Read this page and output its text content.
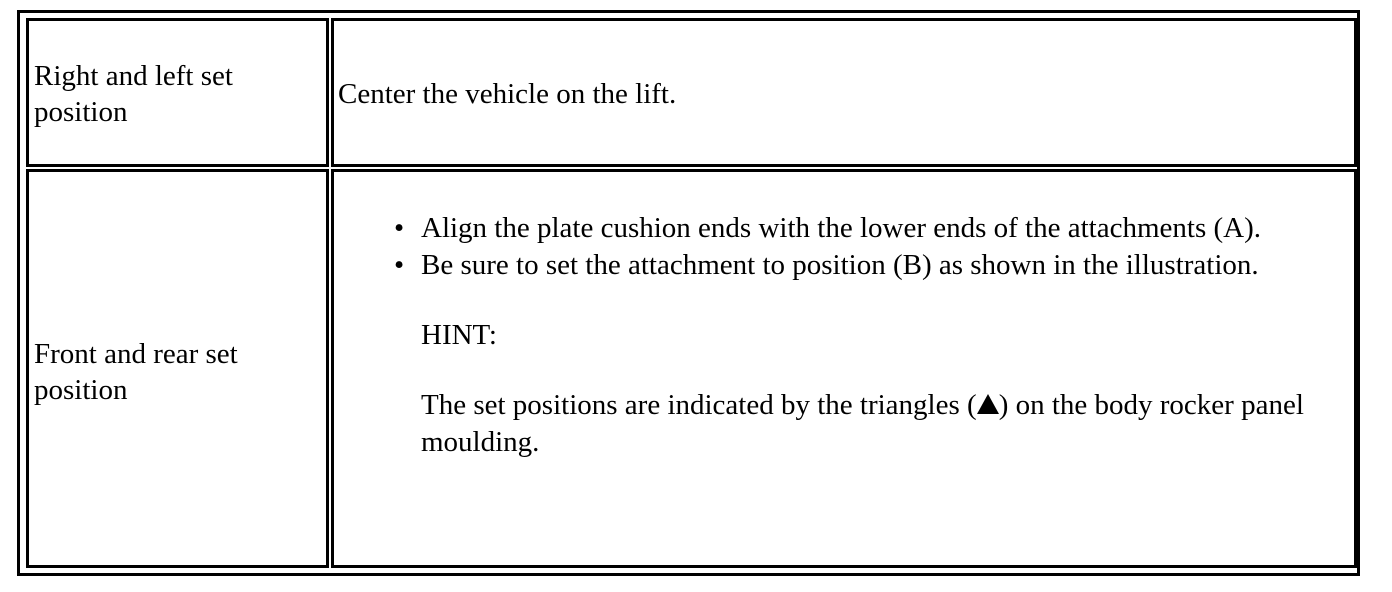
Right and left set position
Center the vehicle on the lift.
Front and rear set position
• Align the plate cushion ends with the lower ends of the attachments (A).
• Be sure to set the attachment to position (B) as shown in the illustration.
HINT:
The set positions are indicated by the triangles ( ) on the body rocker panel moulding.
